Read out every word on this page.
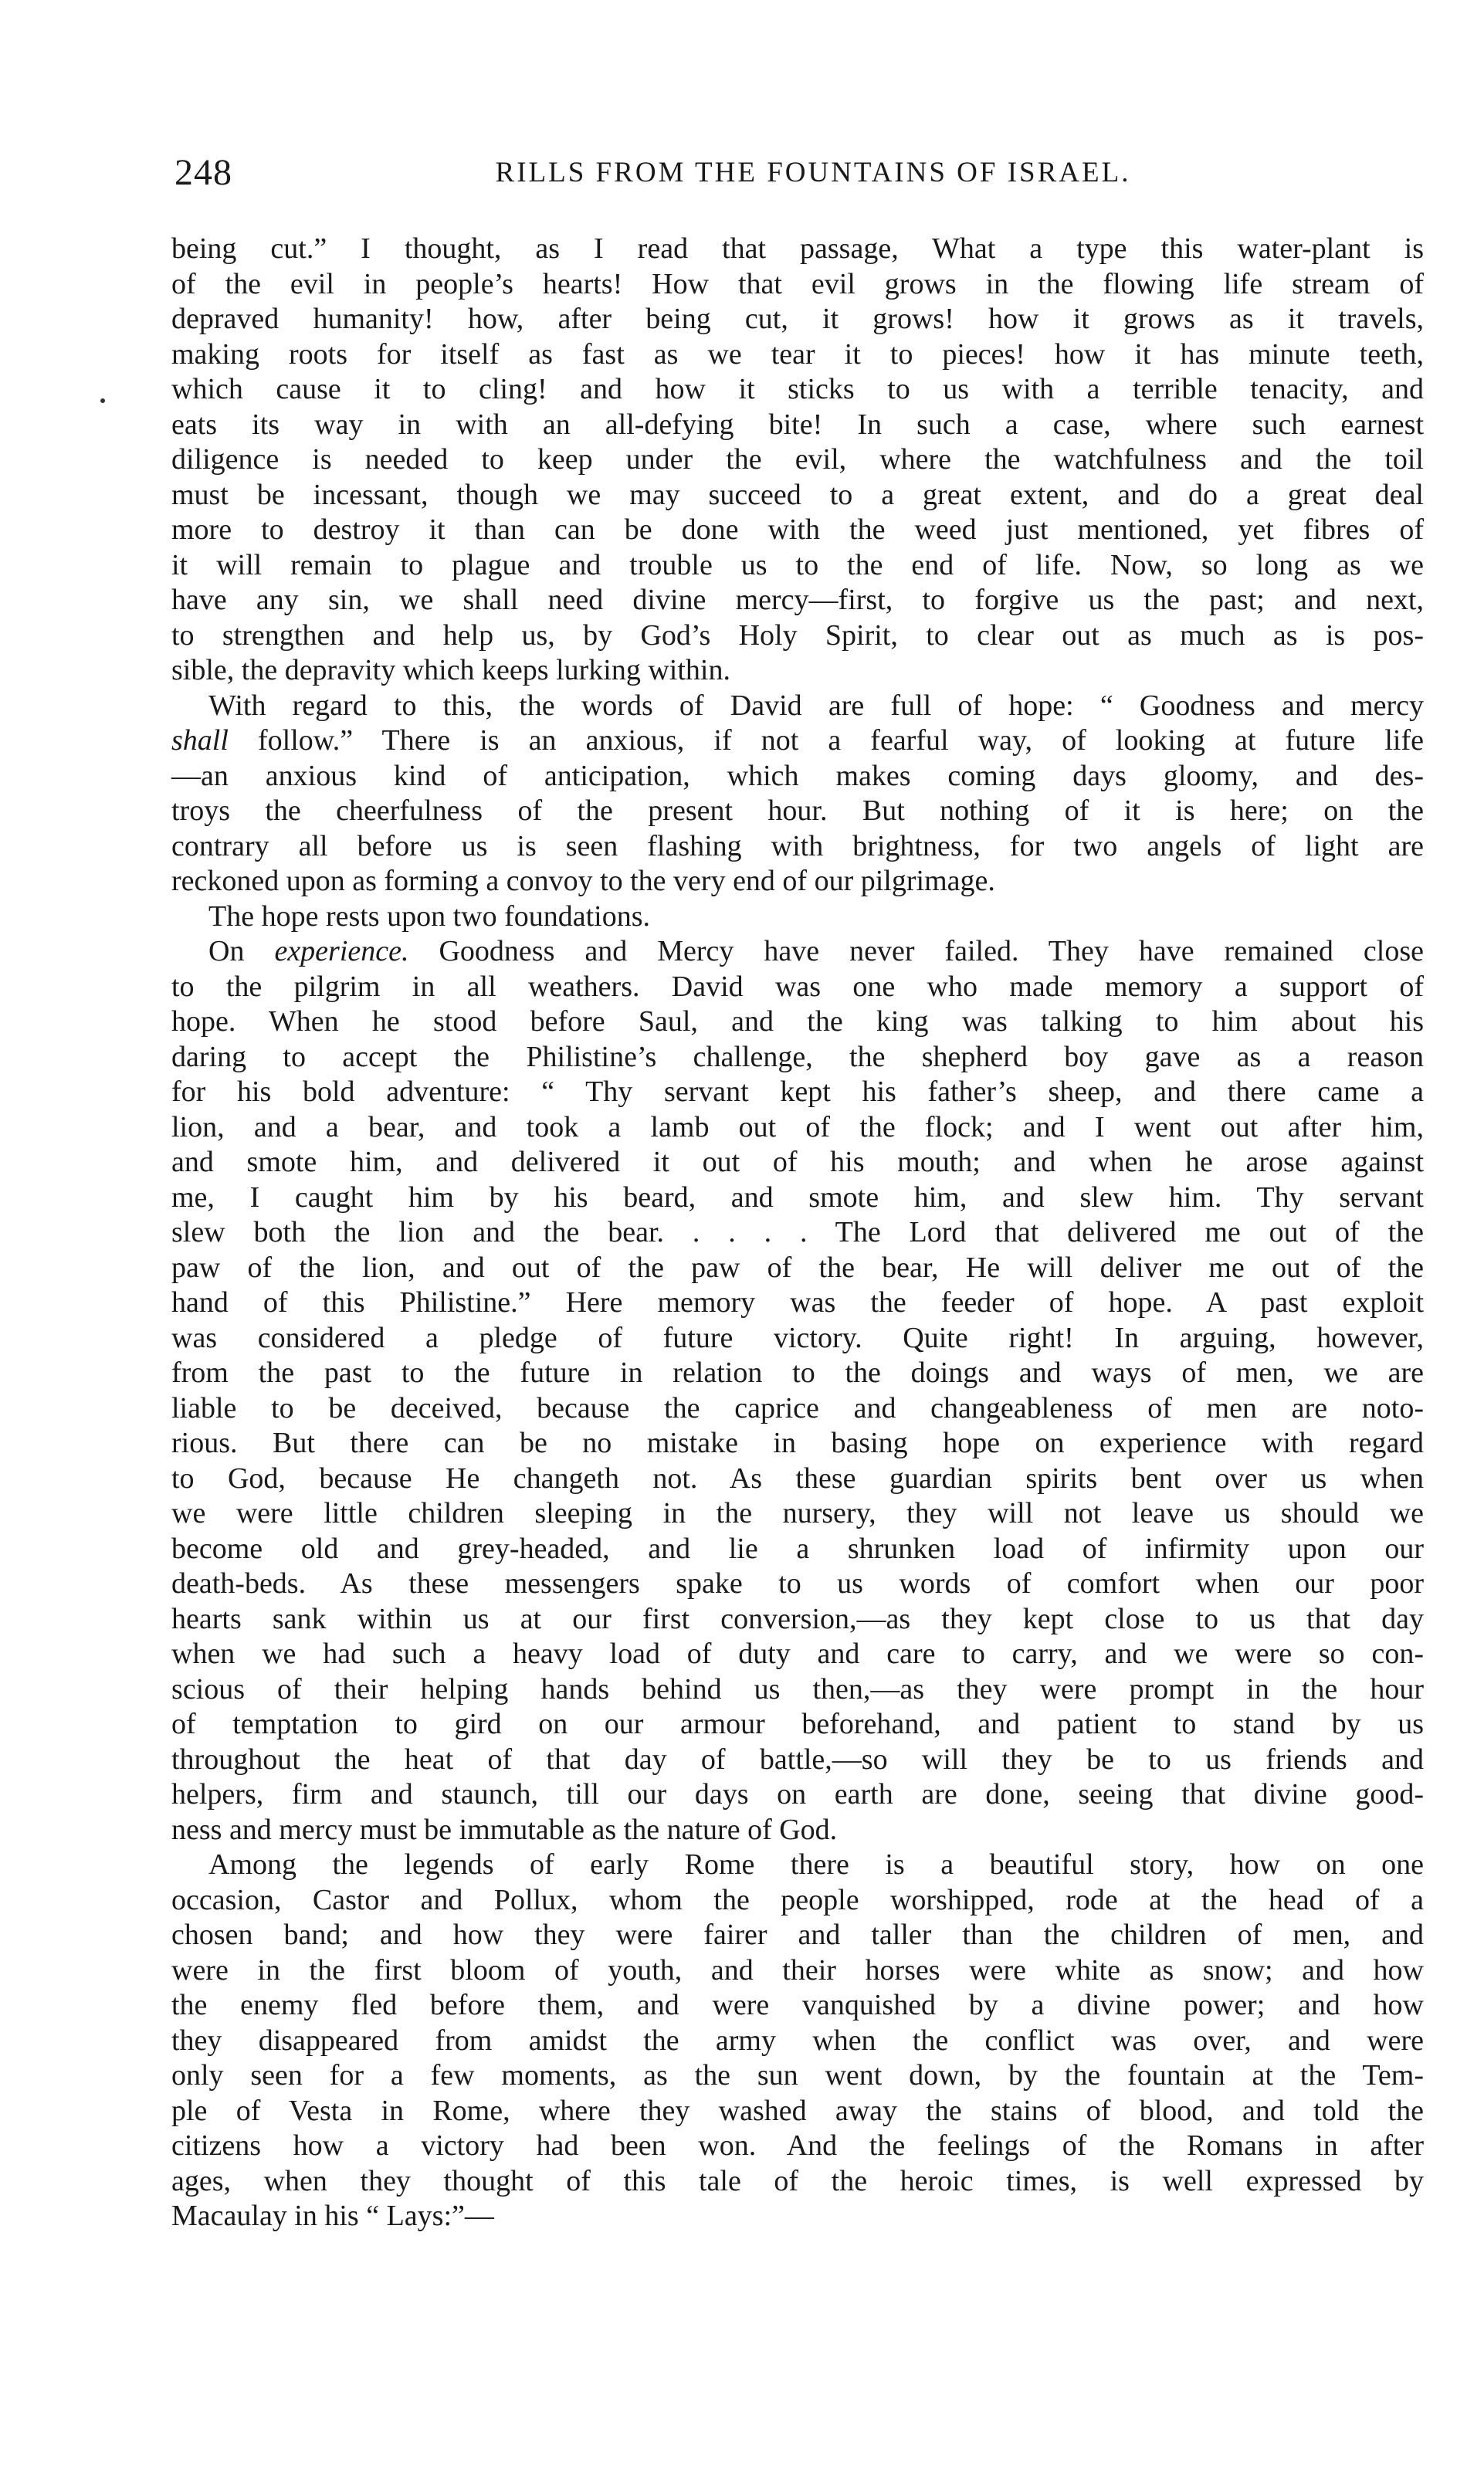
248	RILLS FROM THE FOUNTAINS OF ISRAEL.
being cut.” I thought, as I read that passage, What a type this water-plant is
of the evil in people’s hearts! How that evil grows in the flowing life stream of
depraved humanity! how, after being cut, it grows! how it grows as it travels,
making roots for itself as fast as we tear it to pieces! how it has minute teeth,
which cause it to cling! and how it sticks to us with a terrible tenacity, and
eats its way in with an all-defying bite! In such a case, where such earnest
diligence is needed to keep under the evil, where the watchfulness and the toil
must be incessant, though we may succeed to a great extent, and do a great deal
more to destroy it than can be done with the weed just mentioned, yet fibres of
it will remain to plague and trouble us to the end of life. Now, so long as we
have any sin, we shall need divine mercy—first, to forgive us the past; and next,
to strengthen and help us, by God’s Holy Spirit, to clear out as much as is pos-
sible, the depravity which keeps lurking within.
With regard to this, the words of David are full of hope: “ Goodness and mercy
shall follow.” There is an anxious, if not a fearful way, of looking at future life
—an anxious kind of anticipation, which makes coming days gloomy, and des-
troys the cheerfulness of the present hour. But nothing of it is here; on the
contrary all before us is seen flashing with brightness, for two angels of light are
reckoned upon as forming a convoy to the very end of our pilgrimage.
The hope rests upon two foundations.
On experience. Goodness and Mercy have never failed. They have remained close
to the pilgrim in all weathers. David was one who made memory a support of
hope. When he stood before Saul, and the king was talking to him about his
daring to accept the Philistine’s challenge, the shepherd boy gave as a reason
for his bold adventure: “ Thy servant kept his father’s sheep, and there came a
lion, and a bear, and took a lamb out of the flock; and I went out after him,
and smote him, and delivered it out of his mouth; and when he arose against
me, I caught him by his beard, and smote him, and slew him. Thy servant
slew both the lion and the bear. . . . . The Lord that delivered me out of the
paw of the lion, and out of the paw of the bear, He will deliver me out of the
hand of this Philistine.” Here memory was the feeder of hope. A past exploit
was considered a pledge of future victory. Quite right! In arguing, however,
from the past to the future in relation to the doings and ways of men, we are
liable to be deceived, because the caprice and changeableness of men are noto-
rious. But there can be no mistake in basing hope on experience with regard
to God, because He changeth not. As these guardian spirits bent over us when
we were little children sleeping in the nursery, they will not leave us should we
become old and grey-headed, and lie a shrunken load of infirmity upon our
death-beds. As these messengers spake to us words of comfort when our poor
hearts sank within us at our first conversion,—as they kept close to us that day
when we had such a heavy load of duty and care to carry, and we were so con-
scious of their helping hands behind us then,—as they were prompt in the hour
of temptation to gird on our armour beforehand, and patient to stand by us
throughout the heat of that day of battle,—so will they be to us friends and
helpers, firm and staunch, till our days on earth are done, seeing that divine good-
ness and mercy must be immutable as the nature of God.
Among the legends of early Rome there is a beautiful story, how on one
occasion, Castor and Pollux, whom the people worshipped, rode at the head of a
chosen band; and how they were fairer and taller than the children of men, and
were in the first bloom of youth, and their horses were white as snow; and how
the enemy fled before them, and were vanquished by a divine power; and how
they disappeared from amidst the army when the conflict was over, and were
only seen for a few moments, as the sun went down, by the fountain at the Tem-
ple of Vesta in Rome, where they washed away the stains of blood, and told the
citizens how a victory had been won. And the feelings of the Romans in after
ages, when they thought of this tale of the heroic times, is well expressed by
Macaulay in his “ Lays:”—
